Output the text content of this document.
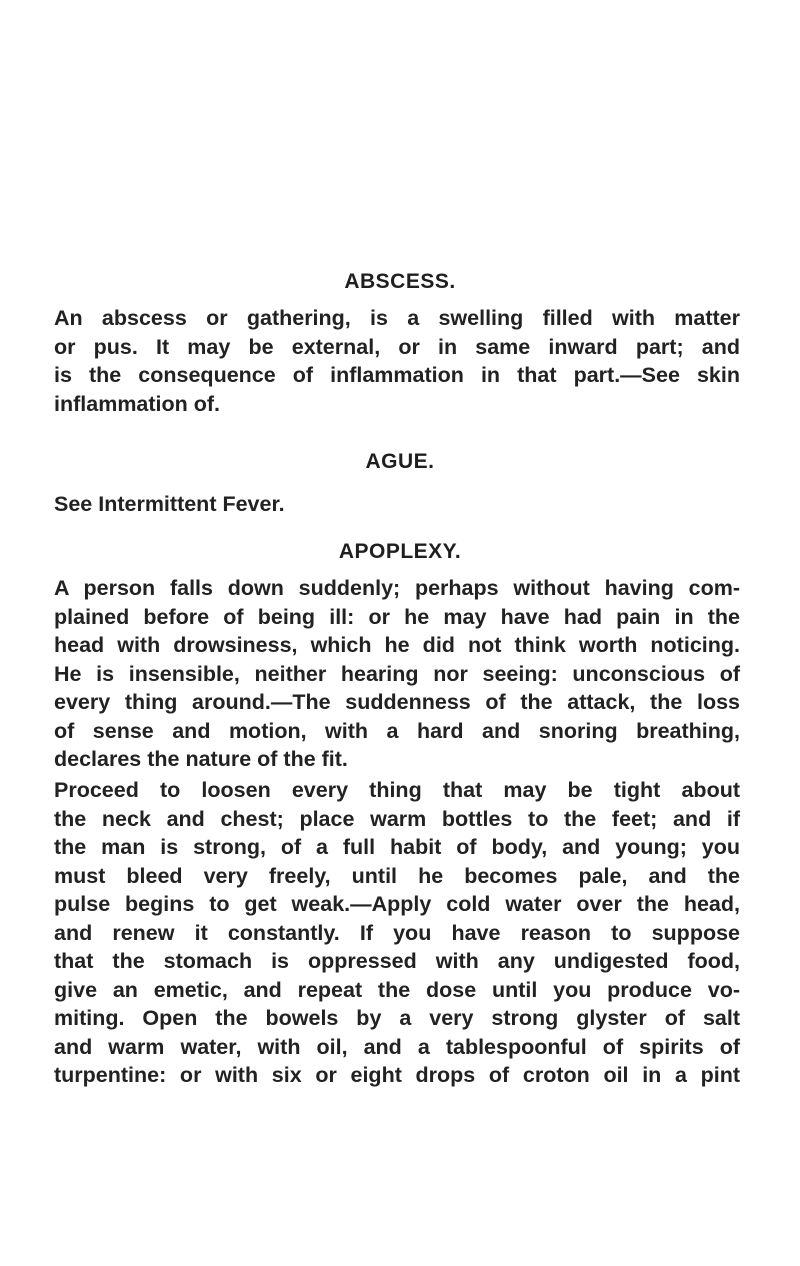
ABSCESS.
An abscess or gathering, is a swelling filled with matter
or pus. It may be external, or in same inward part; and
is the consequence of inflammation in that part.—See skin
inflammation of.
AGUE.
See Intermittent Fever.
APOPLEXY.
A person falls down suddenly; perhaps without having com-
plained before of being ill: or he may have had pain in the
head with drowsiness, which he did not think worth noticing.
He is insensible, neither hearing nor seeing: unconscious of
every thing around.—The suddenness of the attack, the loss
of sense and motion, with a hard and snoring breathing,
declares the nature of the fit.
Proceed to loosen every thing that may be tight about
the neck and chest; place warm bottles to the feet; and if
the man is strong, of a full habit of body, and young; you
must bleed very freely, until he becomes pale, and the
pulse begins to get weak.—Apply cold water over the head,
and renew it constantly. If you have reason to suppose
that the stomach is oppressed with any undigested food,
give an emetic, and repeat the dose until you produce vo-
miting. Open the bowels by a very strong glyster of salt
and warm water, with oil, and a tablespoonful of spirits of
turpentine: or with six or eight drops of croton oil in a pint
